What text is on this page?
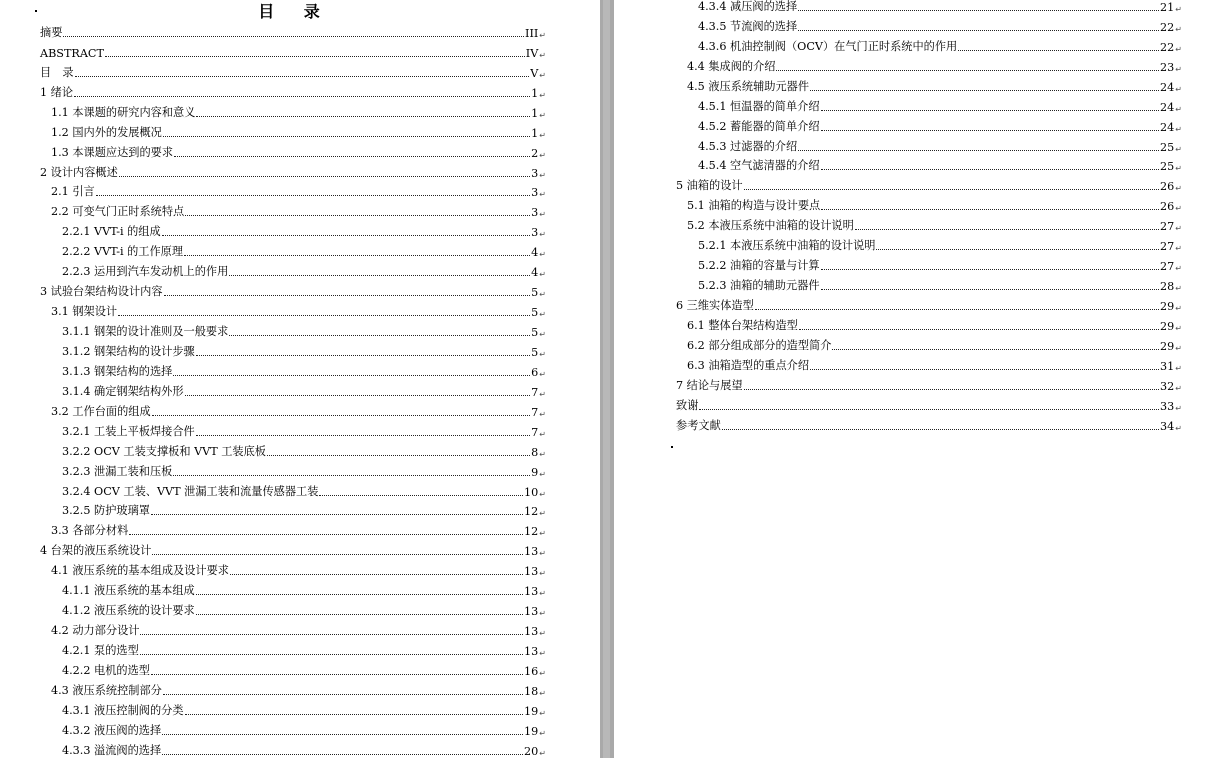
目 录
摘要	III ↵
ABSTRACT	IV ↵
目　录	V ↵
1 绪论	1 ↵
1.1 本课题的研究内容和意义	1 ↵
1.2 国内外的发展概况	1 ↵
1.3 本课题应达到的要求	2 ↵
2 设计内容概述	3 ↵
2.1 引言	3 ↵
2.2 可变气门正时系统特点	3 ↵
2.2.1 VVT-i 的组成	3 ↵
2.2.2 VVT-i 的工作原理	4 ↵
2.2.3 运用到汽车发动机上的作用	4 ↵
3 试验台架结构设计内容	5 ↵
3.1 钢架设计	5 ↵
3.1.1 钢架的设计准则及一般要求	5 ↵
3.1.2 钢架结构的设计步骤	5 ↵
3.1.3 钢架结构的选择	6 ↵
3.1.4 确定钢架结构外形	7 ↵
3.2 工作台面的组成	7 ↵
3.2.1 工装上平板焊接合件	7 ↵
3.2.2 OCV 工装支撑板和 VVT 工装底板	8 ↵
3.2.3 泄漏工装和压板	9 ↵
3.2.4 OCV 工装、VVT 泄漏工装和流量传感器工装	10 ↵
3.2.5 防护玻璃罩	12 ↵
3.3 各部分材料	12 ↵
4 台架的液压系统设计	13 ↵
4.1 液压系统的基本组成及设计要求	13 ↵
4.1.1 液压系统的基本组成	13 ↵
4.1.2 液压系统的设计要求	13 ↵
4.2 动力部分设计	13 ↵
4.2.1 泵的选型	13 ↵
4.2.2 电机的选型	16 ↵
4.3 液压系统控制部分	18 ↵
4.3.1 液压控制阀的分类	19 ↵
4.3.2 液压阀的选择	19 ↵
4.3.3 溢流阀的选择	20 ↵
4.3.4 减压阀的选择	21 ↵
4.3.5 节流阀的选择	22 ↵
4.3.6 机油控制阀（OCV）在气门正时系统中的作用	22 ↵
4.4 集成阀的介绍	23 ↵
4.5 液压系统辅助元器件	24 ↵
4.5.1 恒温器的简单介绍	24 ↵
4.5.2 蓄能器的简单介绍	24 ↵
4.5.3 过滤器的介绍	25 ↵
4.5.4 空气滤清器的介绍	25 ↵
5 油箱的设计	26 ↵
5.1 油箱的构造与设计要点	26 ↵
5.2 本液压系统中油箱的设计说明	27 ↵
5.2.1 本液压系统中油箱的设计说明	27 ↵
5.2.2 油箱的容量与计算	27 ↵
5.2.3 油箱的辅助元器件	28 ↵
6 三维实体造型	29 ↵
6.1 整体台架结构造型	29 ↵
6.2 部分组成部分的造型简介	29 ↵
6.3 油箱造型的重点介绍	31 ↵
7 结论与展望	32 ↵
致谢	33 ↵
参考文献	34 ↵
